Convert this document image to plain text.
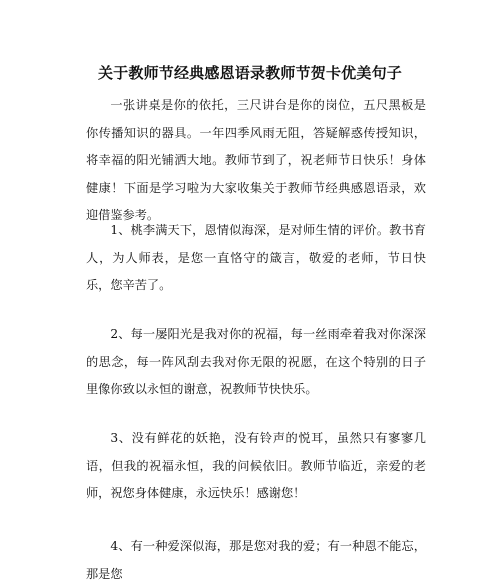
关于教师节经典感恩语录教师节贺卡优美句子

一张讲桌是你的依托，三尺讲台是你的岗位，五尺黑板是你传播知识的器具。一年四季风雨无阻，答疑解惑传授知识，将幸福的阳光铺洒大地。教师节到了，祝老师节日快乐！身体健康！下面是学习啦为大家收集关于教师节经典感恩语录，欢迎借鉴参考。

1、桃李满天下，恩情似海深，是对师生情的评价。教书育人，为人师表，是您一直恪守的箴言，敬爱的老师，节日快乐，您辛苦了。

2、每一屡阳光是我对你的祝福，每一丝雨牵着我对你深深的思念，每一阵风刮去我对你无限的祝愿，在这个特别的日子里像你致以永恒的谢意，祝教师节快快乐。

3、没有鲜花的妖艳，没有铃声的悦耳，虽然只有寥寥几语，但我的祝福永恒，我的问候依旧。教师节临近，亲爱的老师，祝您身体健康，永远快乐！感谢您！

4、有一种爱深似海，那是您对我的爱；有一种恩不能忘，那是您
